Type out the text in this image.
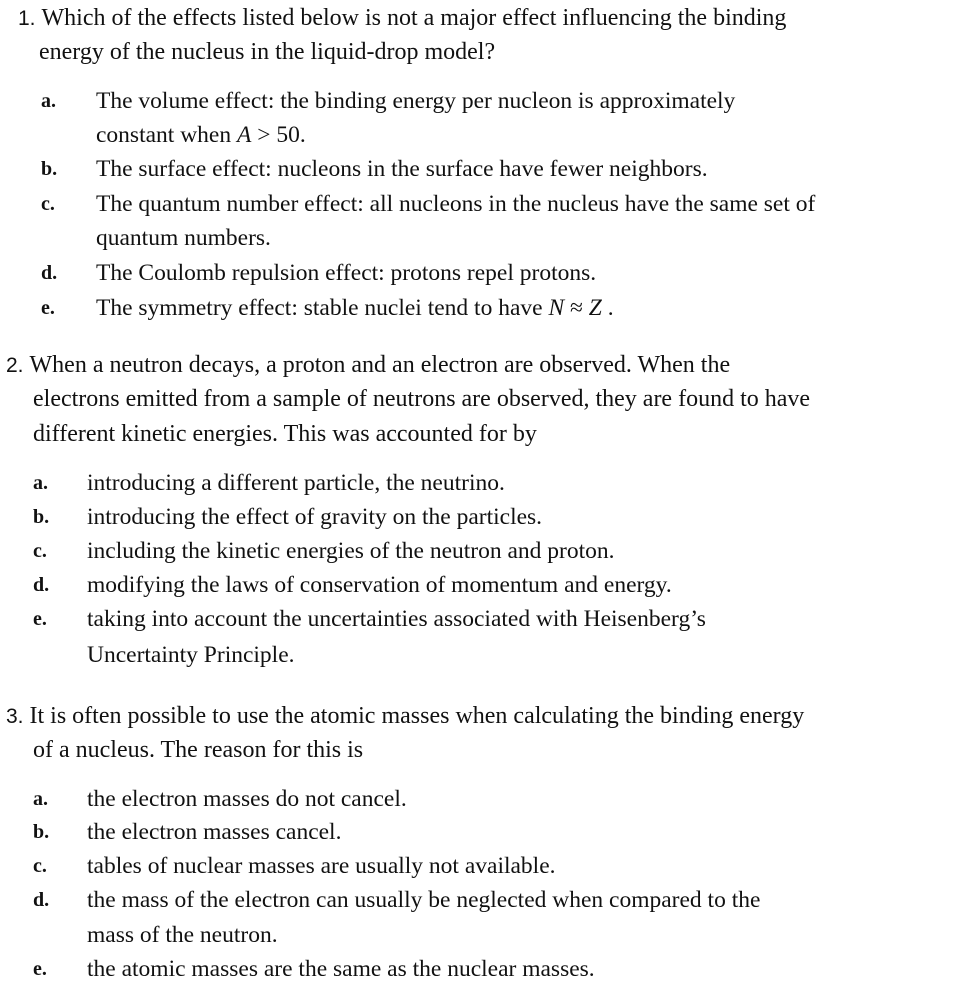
1. Which of the effects listed below is not a major effect influencing the binding
energy of the nucleus in the liquid-drop model?
a. The volume effect: the binding energy per nucleon is approximately
constant when A > 50.
b. The surface effect: nucleons in the surface have fewer neighbors.
c. The quantum number effect: all nucleons in the nucleus have the same set of
quantum numbers.
d. The Coulomb repulsion effect: protons repel protons.
e. The symmetry effect: stable nuclei tend to have N ≈ Z .
2. When a neutron decays, a proton and an electron are observed. When the
electrons emitted from a sample of neutrons are observed, they are found to have
different kinetic energies. This was accounted for by
a. introducing a different particle, the neutrino.
b. introducing the effect of gravity on the particles.
c. including the kinetic energies of the neutron and proton.
d. modifying the laws of conservation of momentum and energy.
e. taking into account the uncertainties associated with Heisenberg’s
Uncertainty Principle.
3. It is often possible to use the atomic masses when calculating the binding energy
of a nucleus. The reason for this is
a. the electron masses do not cancel.
b. the electron masses cancel.
c. tables of nuclear masses are usually not available.
d. the mass of the electron can usually be neglected when compared to the
mass of the neutron.
e. the atomic masses are the same as the nuclear masses.
